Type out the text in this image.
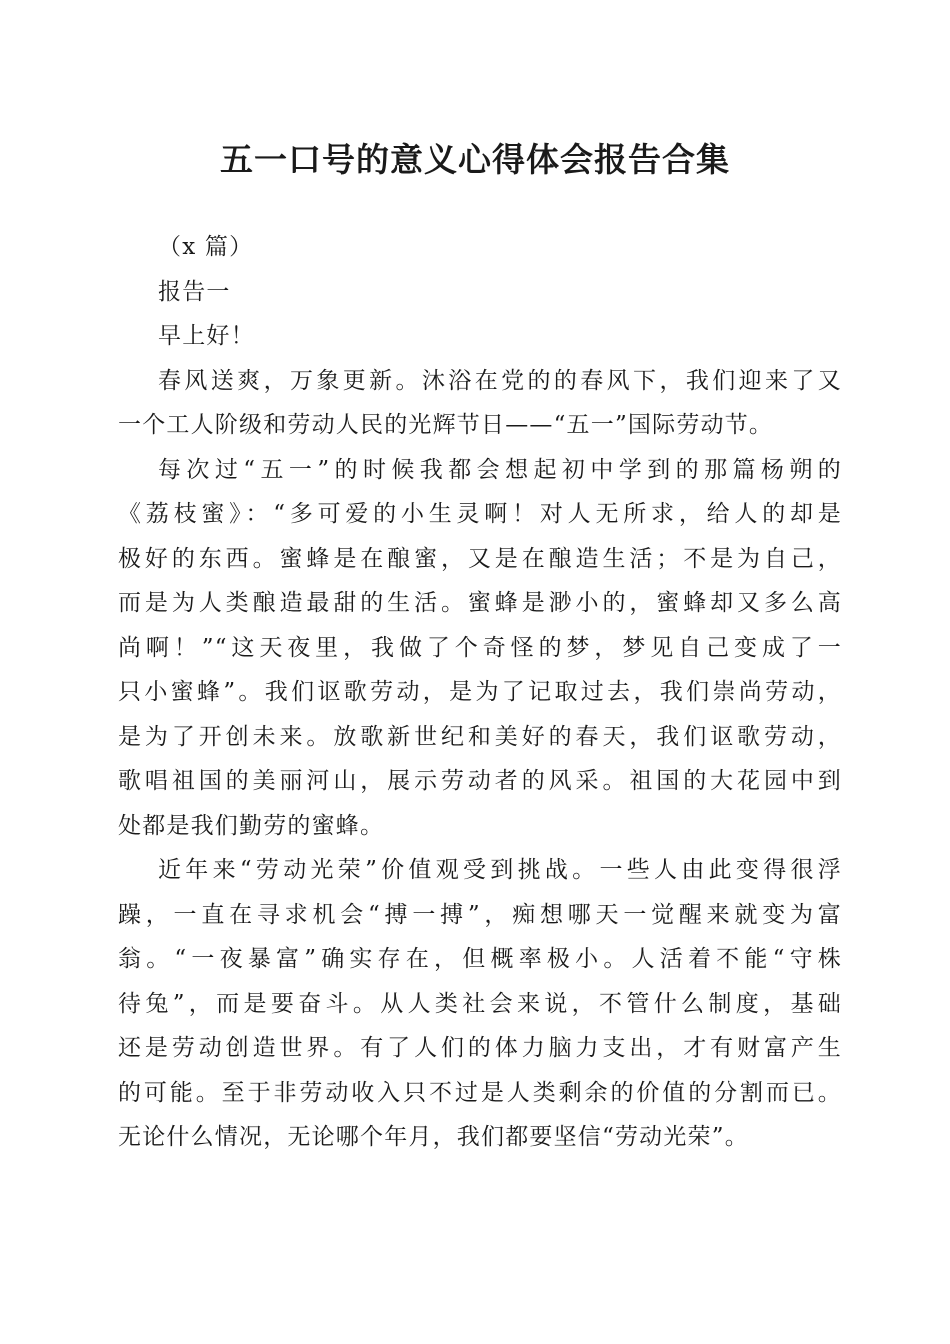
五一口号的意义心得体会报告合集
（x 篇）
报告一
早上好！
春风送爽，万象更新。沐浴在党的的春风下，我们迎来了又
一个工人阶级和劳动人民的光辉节日——“五一”国际劳动节。
每次过“五一”的时候我都会想起初中学到的那篇杨朔的
《荔枝蜜》：“多可爱的小生灵啊！对人无所求，给人的却是
极好的东西。蜜蜂是在酿蜜，又是在酿造生活；不是为自己，
而是为人类酿造最甜的生活。蜜蜂是渺小的，蜜蜂却又多么高
尚啊！”“这天夜里，我做了个奇怪的梦，梦见自己变成了一
只小蜜蜂”。我们讴歌劳动，是为了记取过去，我们崇尚劳动，
是为了开创未来。放歌新世纪和美好的春天，我们讴歌劳动，
歌唱祖国的美丽河山，展示劳动者的风采。祖国的大花园中到
处都是我们勤劳的蜜蜂。
近年来“劳动光荣”价值观受到挑战。一些人由此变得很浮
躁，一直在寻求机会“搏一搏”，痴想哪天一觉醒来就变为富
翁。“一夜暴富”确实存在，但概率极小。人活着不能“守株
待兔”，而是要奋斗。从人类社会来说，不管什么制度，基础
还是劳动创造世界。有了人们的体力脑力支出，才有财富产生
的可能。至于非劳动收入只不过是人类剩余的价值的分割而已。
无论什么情况，无论哪个年月，我们都要坚信“劳动光荣”。
